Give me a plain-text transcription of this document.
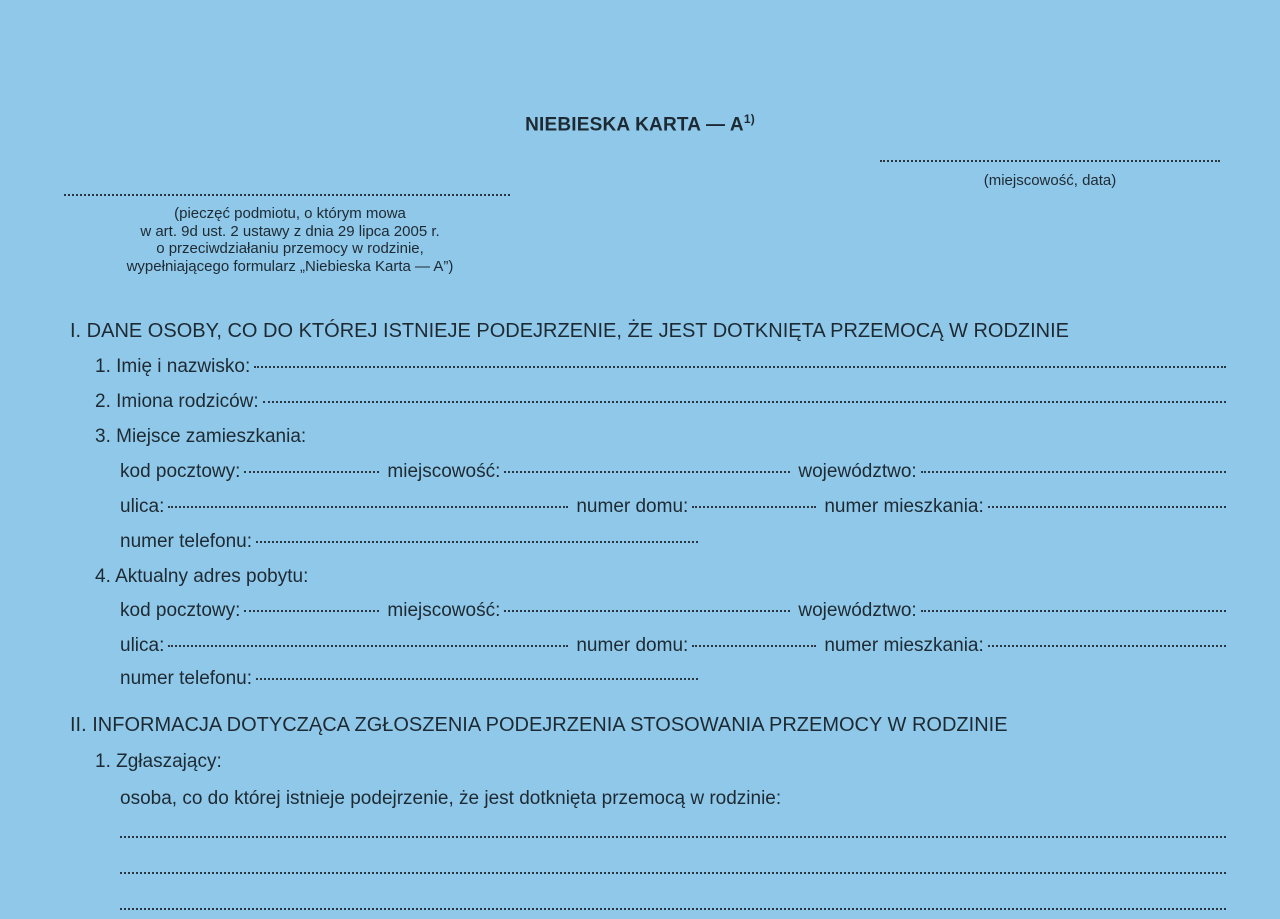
NIEBIESKA KARTA — $A^{1)}$
(miejscowość, data)
(pieczęć podmiotu, o którym mowa
w art. 9d ust. 2 ustawy z dnia 29 lipca 2005 r.
o przeciwdziałaniu przemocy w rodzinie,
wypełniającego formularz „Niebieska Karta — A”)
I. DANE OSOBY, CO DO KTÓREJ ISTNIEJE PODEJRZENIE, ŻE JEST DOTKNIĘTA PRZEMOCĄ W RODZINIE
1. Imię i nazwisko:
2. Imiona rodziców:
3. Miejsce zamieszkania:
kod pocztowy:	miejscowość:	województwo:
ulica:	numer domu:	numer mieszkania:
numer telefonu:
4. Aktualny adres pobytu:
kod pocztowy:	miejscowość:	województwo:
ulica:	numer domu:	numer mieszkania:
numer telefonu:
II. INFORMACJA DOTYCZĄCA ZGŁOSZENIA PODEJRZENIA STOSOWANIA PRZEMOCY W RODZINIE
1. Zgłaszający:
osoba, co do której istnieje podejrzenie, że jest dotknięta przemocą w rodzinie:
